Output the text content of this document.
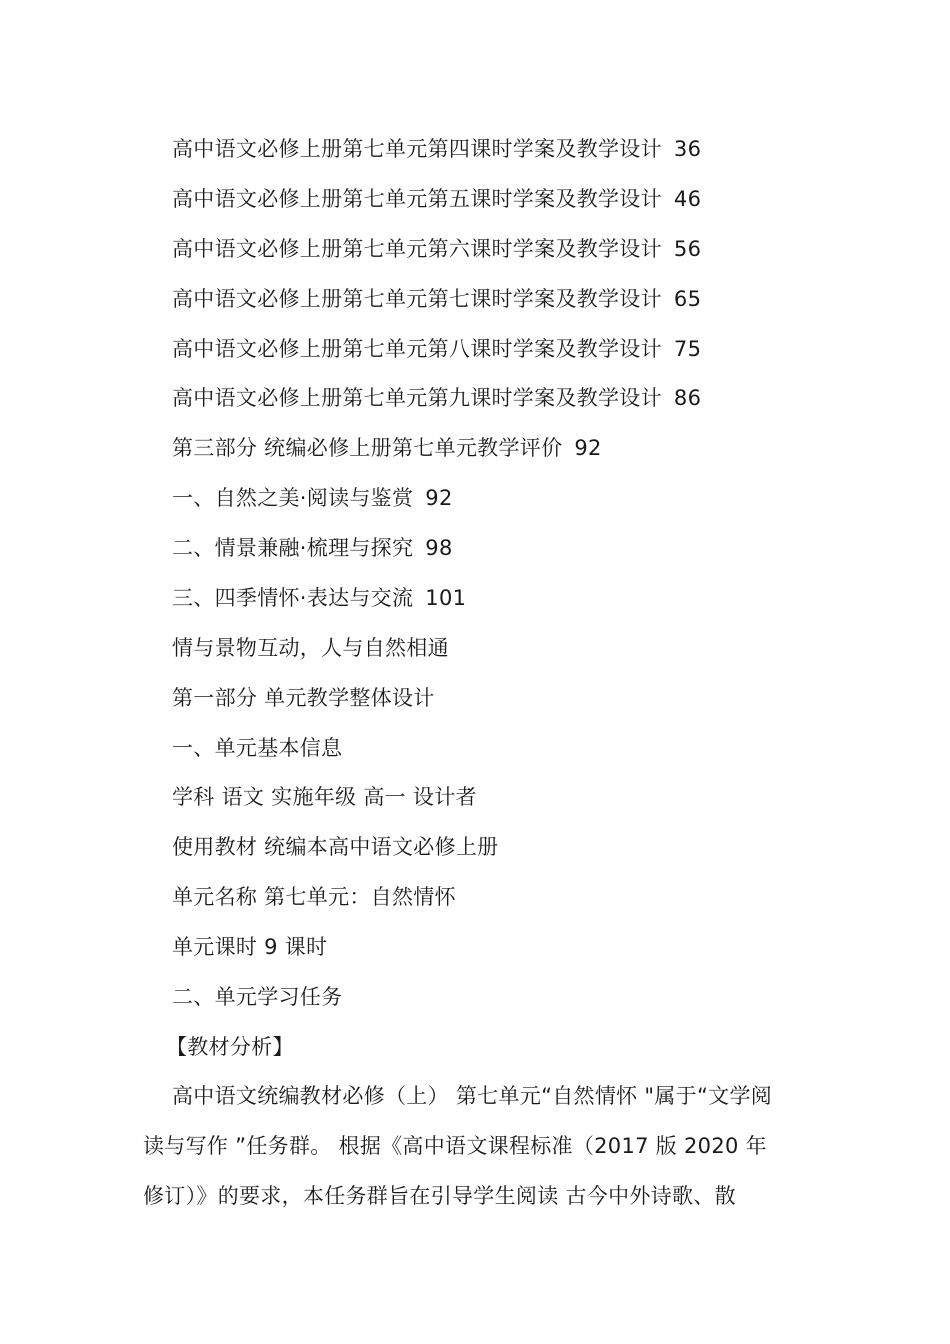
高中语文必修上册第七单元第四课时学案及教学设计 36
高中语文必修上册第七单元第五课时学案及教学设计 46
高中语文必修上册第七单元第六课时学案及教学设计 56
高中语文必修上册第七单元第七课时学案及教学设计 65
高中语文必修上册第七单元第八课时学案及教学设计 75
高中语文必修上册第七单元第九课时学案及教学设计 86
第三部分 统编必修上册第七单元教学评价 92
一、自然之美·阅读与鉴赏 92
二、情景兼融·梳理与探究 98
三、四季情怀·表达与交流 101
情与景物互动，人与自然相通
第一部分 单元教学整体设计
一、单元基本信息
学科 语文 实施年级 高一 设计者
使用教材 统编本高中语文必修上册
单元名称 第七单元：自然情怀
单元课时 9 课时
二、单元学习任务
【教材分析】
高中语文统编教材必修（上） 第七单元“自然情怀 "属于“文学阅
读与写作 ”任务群。 根据《高中语文课程标准（2017 版 2020 年
修订）》的要求，本任务群旨在引导学生阅读 古今中外诗歌、散
